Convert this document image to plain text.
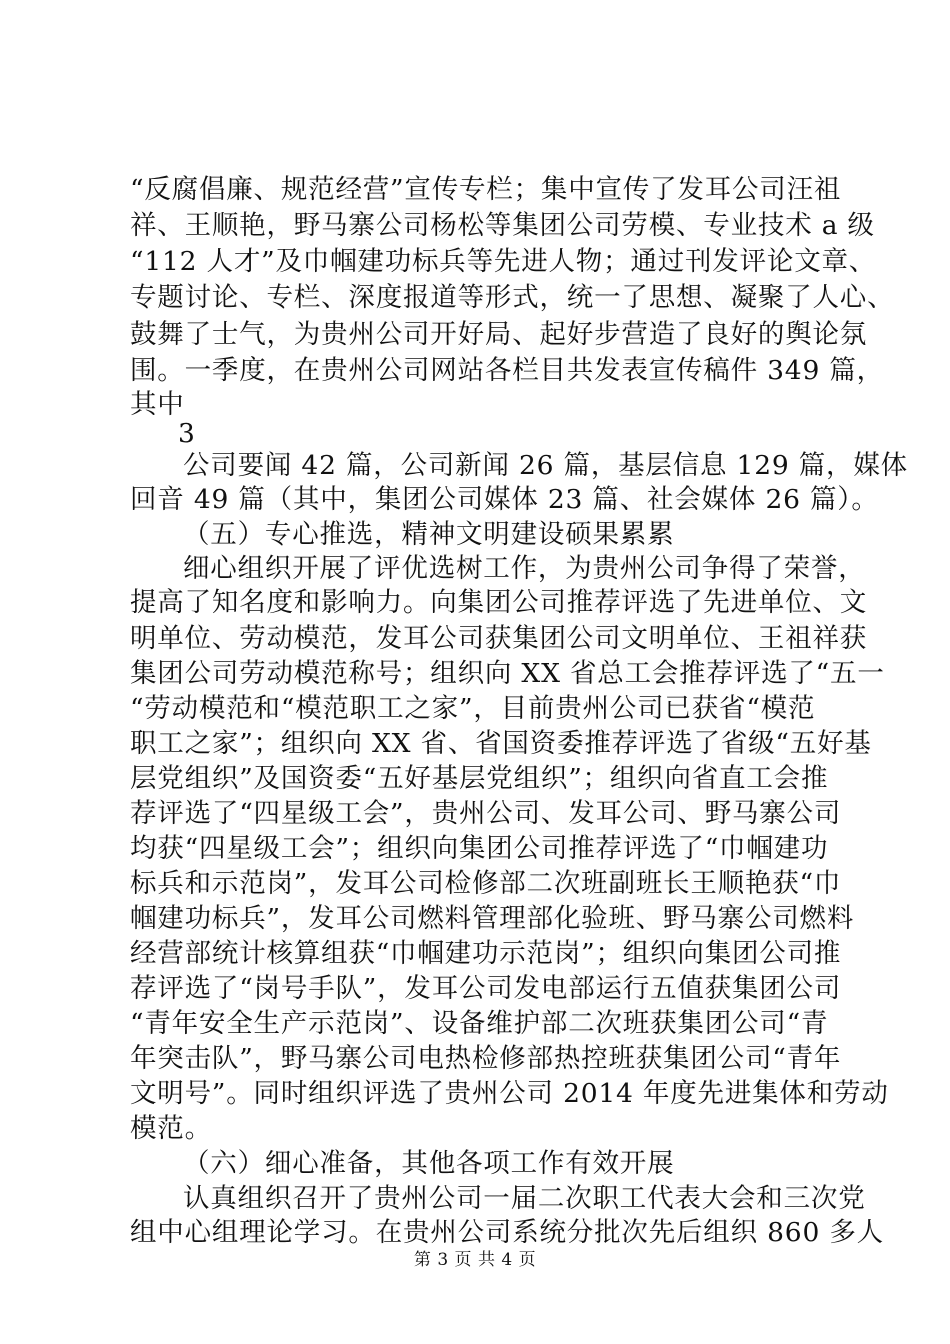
“反腐倡廉、规范经营”宣传专栏；集中宣传了发耳公司汪祖
祥、王顺艳，野马寨公司杨松等集团公司劳模、专业技术 a 级
“112 人才”及巾帼建功标兵等先进人物；通过刊发评论文章、
专题讨论、专栏、深度报道等形式，统一了思想、凝聚了人心、
鼓舞了士气，为贵州公司开好局、起好步营造了良好的舆论氛
围。一季度，在贵州公司网站各栏目共发表宣传稿件 349 篇，
其中
3
公司要闻 42 篇，公司新闻 26 篇，基层信息 129 篇，媒体
回音 49 篇（其中，集团公司媒体 23 篇、社会媒体 26 篇）。
（五）专心推选，精神文明建设硕果累累
细心组织开展了评优选树工作，为贵州公司争得了荣誉，
提高了知名度和影响力。向集团公司推荐评选了先进单位、文
明单位、劳动模范，发耳公司获集团公司文明单位、王祖祥获
集团公司劳动模范称号；组织向 XX 省总工会推荐评选了“五一
“劳动模范和“模范职工之家”，目前贵州公司已获省“模范
职工之家”；组织向 XX 省、省国资委推荐评选了省级“五好基
层党组织”及国资委“五好基层党组织”；组织向省直工会推
荐评选了“四星级工会”，贵州公司、发耳公司、野马寨公司
均获“四星级工会”；组织向集团公司推荐评选了“巾帼建功
标兵和示范岗”，发耳公司检修部二次班副班长王顺艳获“巾
帼建功标兵”，发耳公司燃料管理部化验班、野马寨公司燃料
经营部统计核算组获“巾帼建功示范岗”；组织向集团公司推
荐评选了“岗号手队”，发耳公司发电部运行五值获集团公司
“青年安全生产示范岗”、设备维护部二次班获集团公司“青
年突击队”，野马寨公司电热检修部热控班获集团公司“青年
文明号”。同时组织评选了贵州公司 2014 年度先进集体和劳动
模范。
（六）细心准备，其他各项工作有效开展
认真组织召开了贵州公司一届二次职工代表大会和三次党
组中心组理论学习。在贵州公司系统分批次先后组织 860 多人
第 3 页 共 4 页
